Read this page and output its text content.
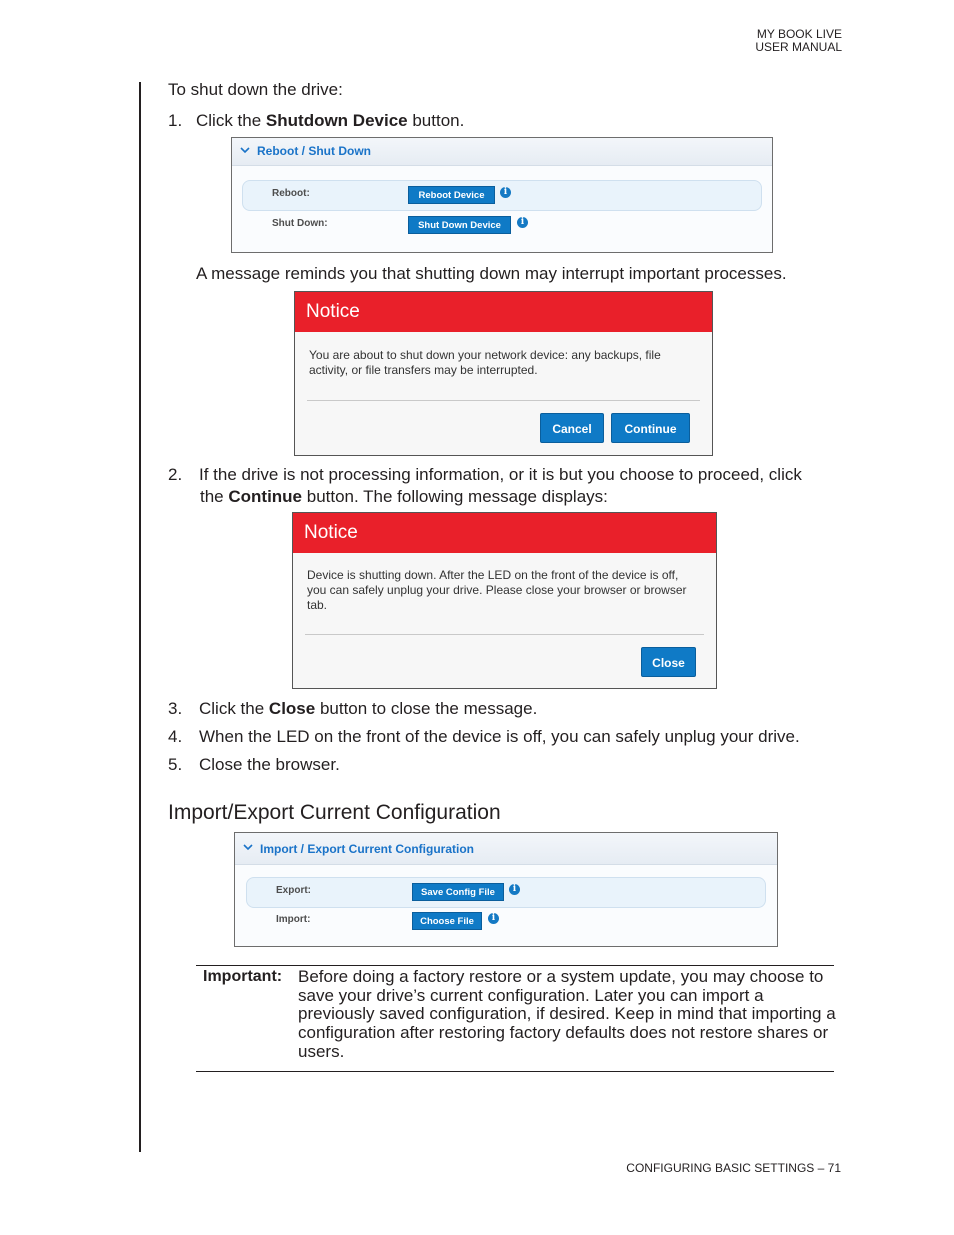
MY BOOK LIVE
USER MANUAL
To shut down the drive:
1. Click the Shutdown Device button.
Reboot / Shut Down
Reboot:	Reboot Device	i
Shut Down:	Shut Down Device	i
A message reminds you that shutting down may interrupt important processes.
Notice
You are about to shut down your network device: any backups, file
activity, or file transfers may be interrupted.
Cancel	Continue
2. If the drive is not processing information, or it is but you choose to proceed, click
the Continue button. The following message displays:
Notice
Device is shutting down. After the LED on the front of the device is off,
you can safely unplug your drive. Please close your browser or browser
tab.
Close
3. Click the Close button to close the message.
4. When the LED on the front of the device is off, you can safely unplug your drive.
5. Close the browser.
Import/Export Current Configuration
Import / Export Current Configuration
Export:	Save Config File	i
Import:	Choose File	i
Important: Before doing a factory restore or a system update, you may choose to save your drive’s current configuration. Later you can import a previously saved configuration, if desired. Keep in mind that importing a configuration after restoring factory defaults does not restore shares or users.
CONFIGURING BASIC SETTINGS – 71
